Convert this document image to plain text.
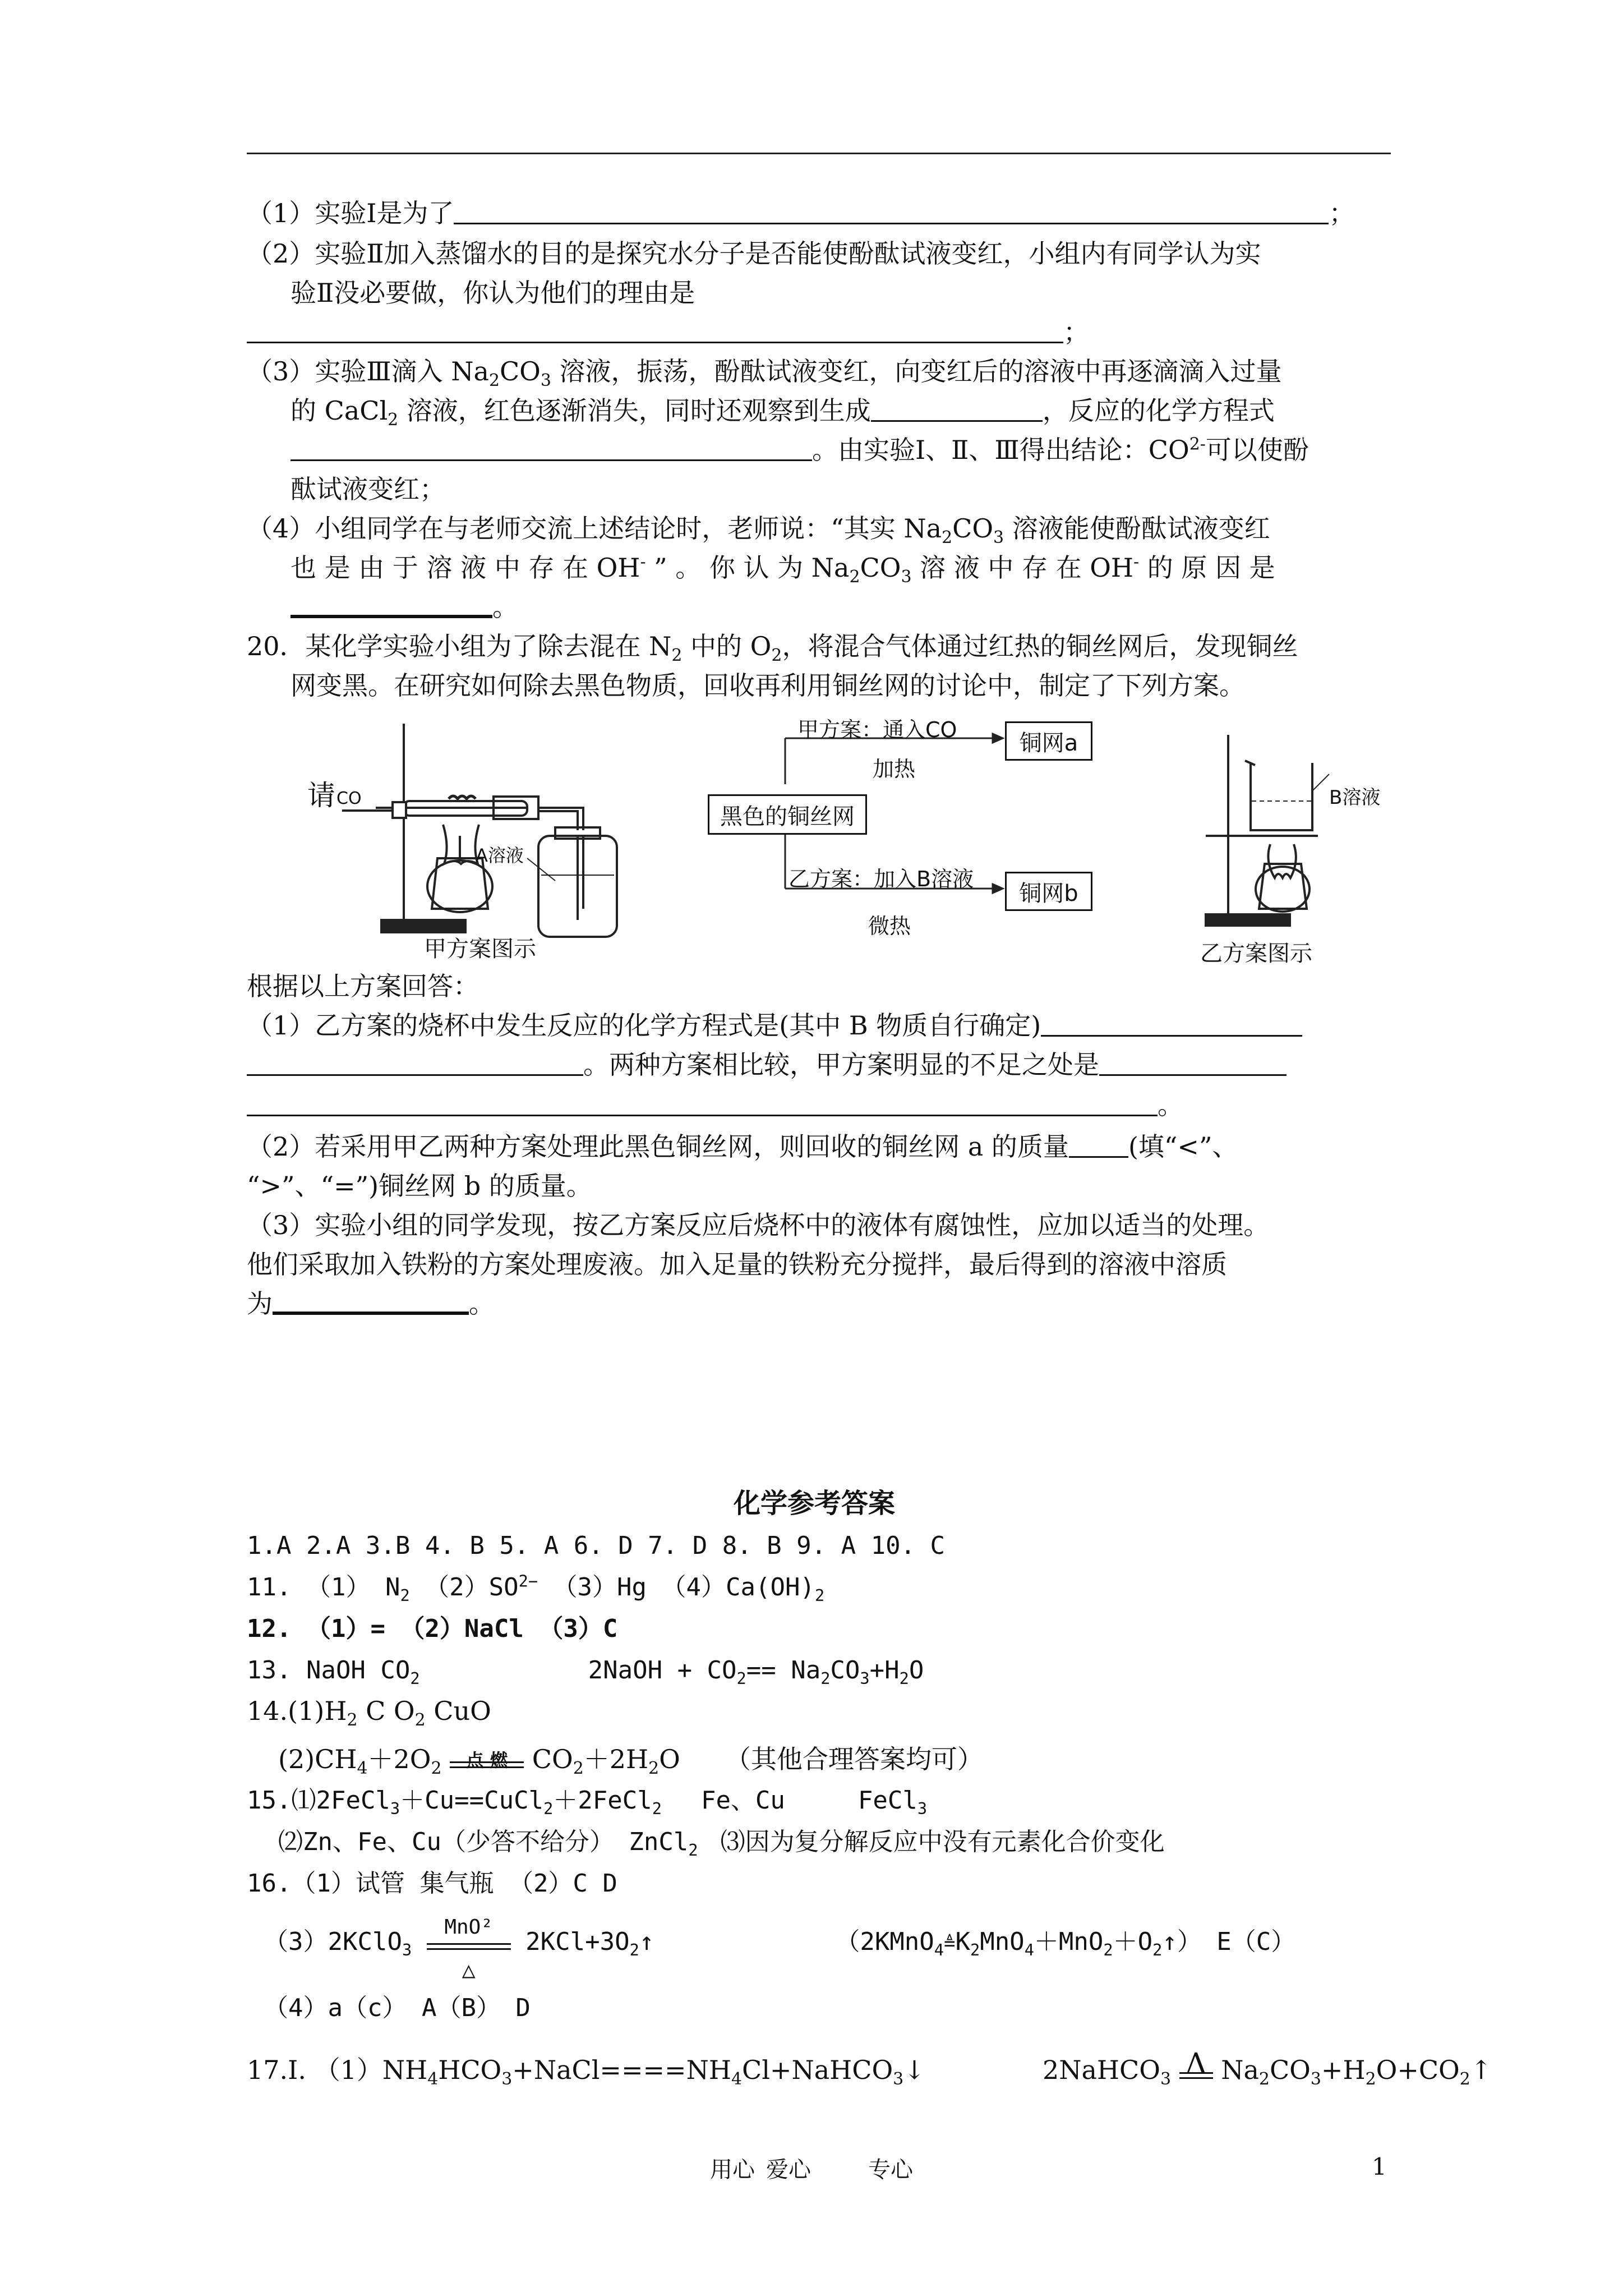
（1）实验Ⅰ是为了	；
（2）实验Ⅱ加入蒸馏水的目的是探究水分子是否能使酚酞试液变红，小组内有同学认为实
验Ⅱ没必要做，你认为他们的理由是
；
（3）实验Ⅲ滴入 $Na_2CO_3$ 溶液，振荡，酚酞试液变红，向变红后的溶液中再逐滴滴入过量
的 CaCl$_2$ 溶液，红色逐渐消失，同时还观察到生成	，反应的化学方程式
。由实验Ⅰ、Ⅱ、Ⅲ得出结论：$CO^{2-}$可以使酚
酞试液变红；
（4）小组同学在与老师交流上述结论时，老师说：“其实 $Na_2CO_3$ 溶液能使酚酞试液变红
也 是 由 于 溶 液 中 存 在 OH- ” 。 你 认 为 $Na_2CO_3$ 溶 液 中 存 在 OH- 的 原 因 是
。
20．某化学实验小组为了除去混在 $N_2$ 中的 $O_2$，将混合气体通过红热的铜丝网后，发现铜丝
网变黑。在研究如何除去黑色物质，回收再利用铜丝网的讨论中，制定了下列方案。
请 CO
A溶液
甲方案图示
甲方案：通入CO
加热
铜网a
黑色的铜丝网
乙方案：加入B溶液
铜网b
微热
B溶液
乙方案图示
根据以上方案回答：
（1）乙方案的烧杯中发生反应的化学方程式是(其中 B 物质自行确定)
。两种方案相比较，甲方案明显的不足之处是
。
（2）若采用甲乙两种方案处理此黑色铜丝网，则回收的铜丝网 a 的质量 (填“<”、
“>”、“=”)铜丝网 b 的质量。
（3）实验小组的同学发现，按乙方案反应后烧杯中的液体有腐蚀性，应加以适当的处理。
他们采取加入铁粉的方案处理废液。加入足量的铁粉充分搅拌，最后得到的溶液中溶质
为	。
化学参考答案
1.A 2.A 3.B 4. B 5. A 6. D 7. D 8. B 9. A 10. C
11. （1） $N_2$ $(2)SO^{2-}$ （3）Hg $(4)Ca(OH)_2$
12. （1）= （2）NaCl （3）C
13. NaOH $CO_2$	2NaOH + $CO_2== Na_2CO_3+H_2O$
$14.(1)H_2$ C $O_2$ CuO
$(2)CH_4+2O_2$	点 燃 $CO_2+2H_2O$ （其他合理答案均可）
15.⑴2FeCl$_3$＋Cu==CuCl$_2$＋2FeCl$_2$ Fe、Cu	FeCl$_3$
⑵Zn、Fe、Cu（少答不给分） ZnCl$_2$ ⑶因为复分解反应中没有元素化合价变化
16.（1）试管 集气瓶 （2）C D
（3）2KClO$_3$
MnO²
△
$2KCl+3O_2↑$	$(2KMnO_4≜K_2MnO_4+MnO_2+O_2↑)$ E（C）
（4）a（c） A（B） D
17.Ⅰ. $(1)NH_4HCO_3+NaCl====NH_4Cl+NaHCO_3↓$	2NaHCO$_3$ Δ $Na_2CO_3+H_2O+CO_2↑$
用心 爱心	专心	1
